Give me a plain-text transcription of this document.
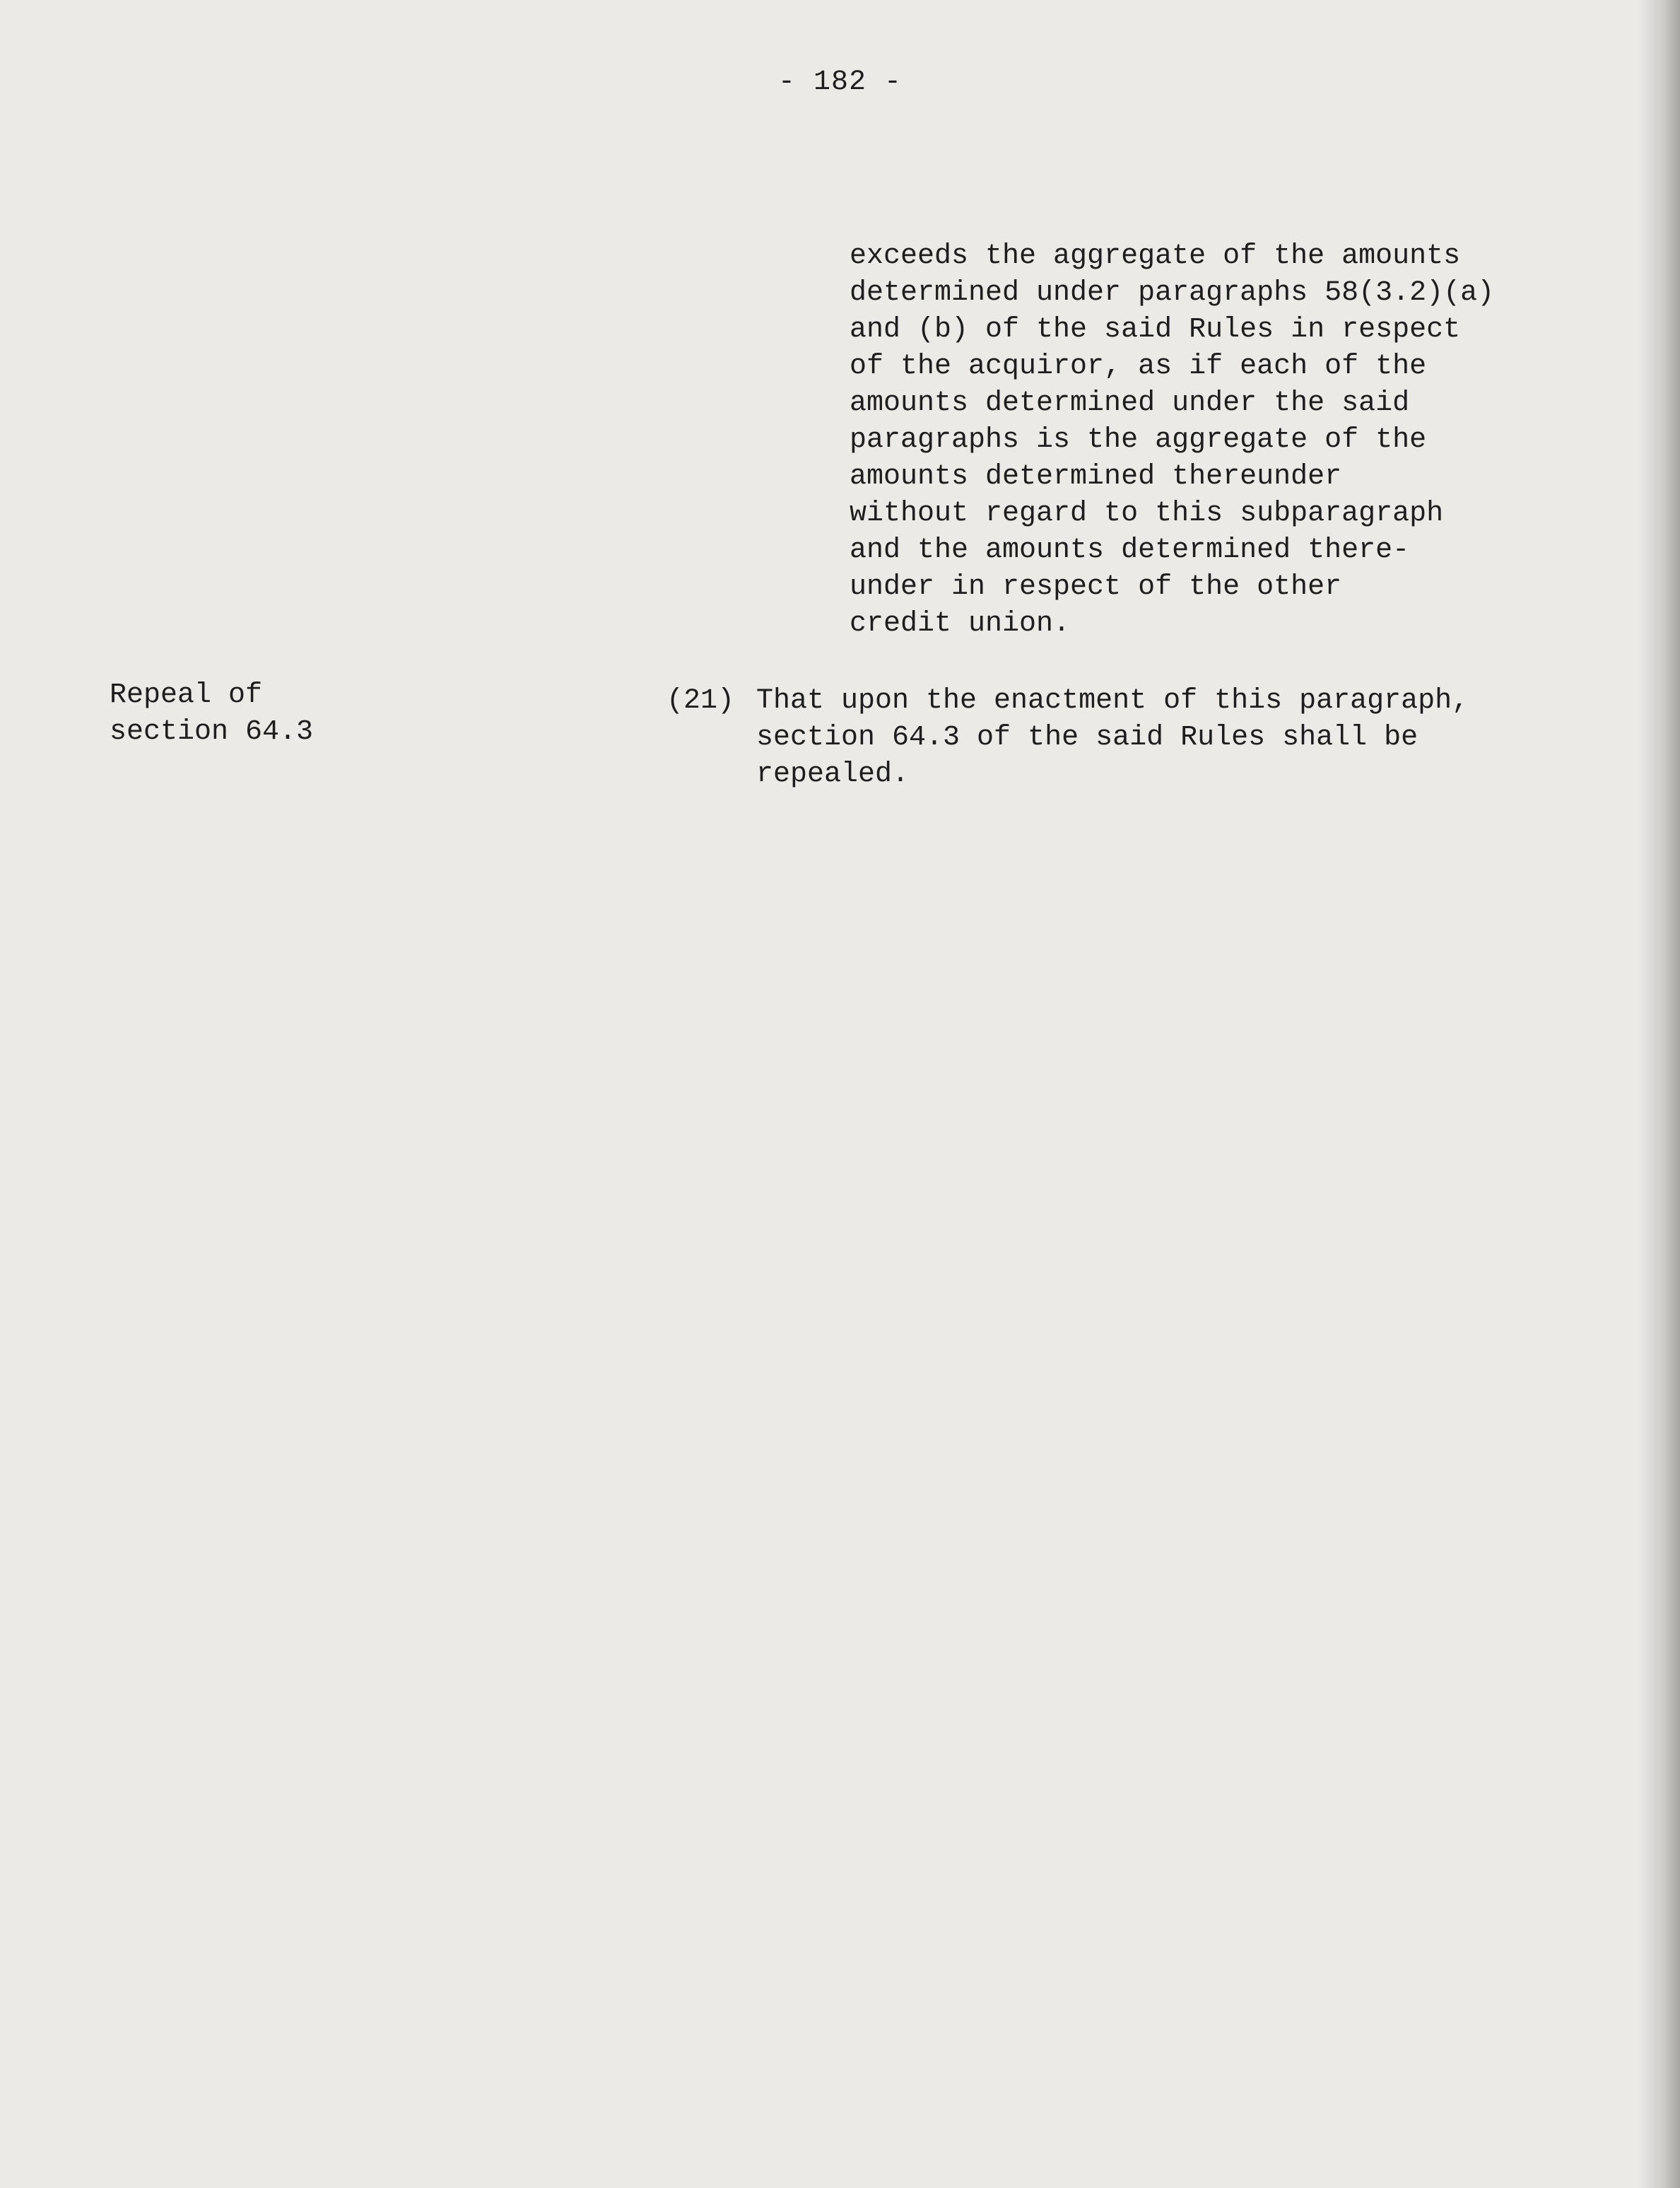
- 182 -

exceeds the aggregate of the amounts

determined under paragraphs 58(3.2)(a)

and (b) of the said Rules in respect

of the acquiror, as if each of the

amounts determined under the said

paragraphs is the aggregate of the

amounts determined thereunder

without regard to this subparagraph

and the amounts determined there-

under in respect of the other

credit union.

Repeal of

section 64.3

(21) That upon the enactment of this paragraph,

section 64.3 of the said Rules shall be

repealed.
